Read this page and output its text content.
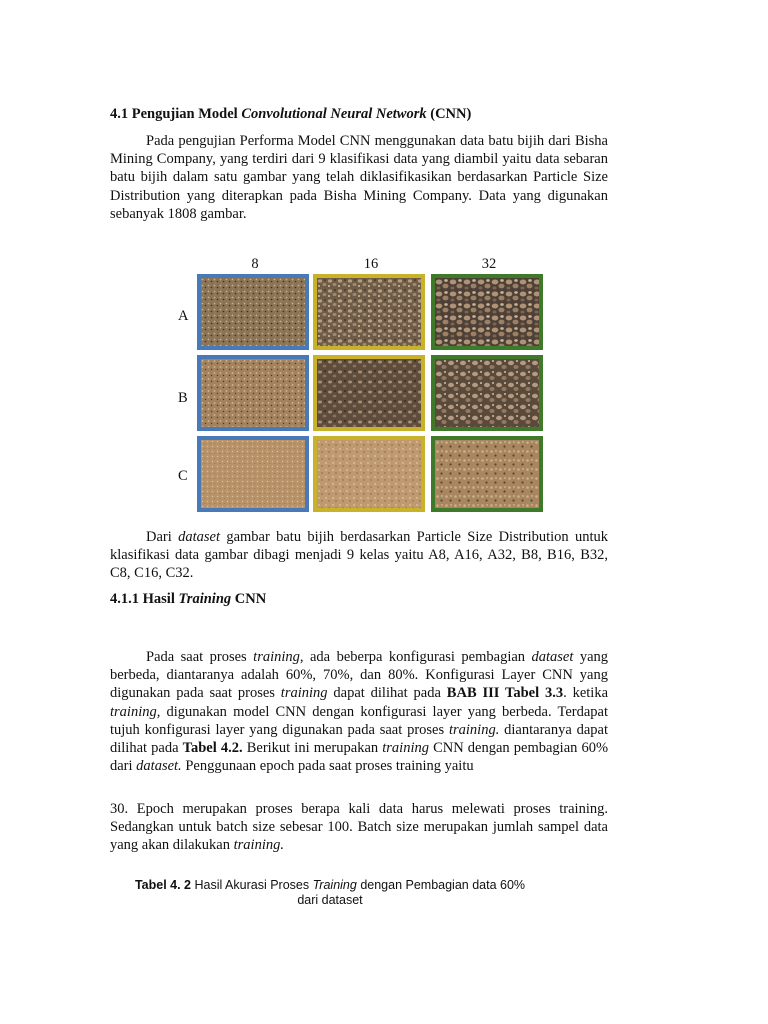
4.1 Pengujian Model Convolutional Neural Network (CNN)
Pada pengujian Performa Model CNN menggunakan data batu bijih dari Bisha Mining Company, yang terdiri dari 9 klasifikasi data yang diambil yaitu data sebaran batu bijih dalam satu gambar yang telah diklasifikasikan berdasarkan Particle Size Distribution yang diterapkan pada Bisha Mining Company. Data yang digunakan sebanyak 1808 gambar.
8	16	32
A
B
C
Dari dataset gambar batu bijih berdasarkan Particle Size Distribution untuk klasifikasi data gambar dibagi menjadi 9 kelas yaitu A8, A16, A32, B8, B16, B32, C8, C16, C32.
4.1.1 Hasil Training CNN
Pada saat proses training, ada beberpa konfigurasi pembagian dataset yang berbeda, diantaranya adalah 60%, 70%, dan 80%. Konfigurasi Layer CNN yang digunakan pada saat proses training dapat dilihat pada BAB III Tabel 3.3. ketika training, digunakan model CNN dengan konfigurasi layer yang berbeda. Terdapat tujuh konfigurasi layer yang digunakan pada saat proses training. diantaranya dapat dilihat pada Tabel 4.2. Berikut ini merupakan training CNN dengan pembagian 60% dari dataset. Penggunaan epoch pada saat proses training yaitu
30. Epoch merupakan proses berapa kali data harus melewati proses training. Sedangkan untuk batch size sebesar 100. Batch size merupakan jumlah sampel data yang akan dilakukan training.
Tabel 4. 2 Hasil Akurasi Proses Training dengan Pembagian data 60%
dari dataset
